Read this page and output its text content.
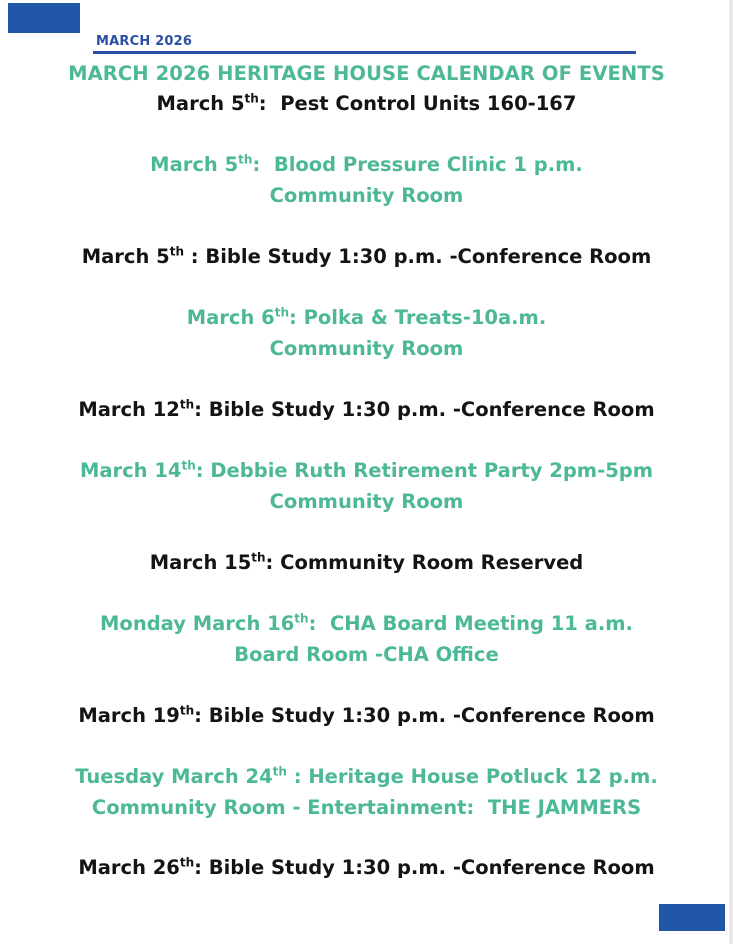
MARCH 2026
MARCH 2026 HERITAGE HOUSE CALENDAR OF EVENTS
March 5th:  Pest Control Units 160-167
March 5th:  Blood Pressure Clinic 1 p.m.
Community Room
March 5th : Bible Study 1:30 p.m. -Conference Room
March 6th: Polka & Treats-10a.m.
Community Room
March 12th: Bible Study 1:30 p.m. -Conference Room
March 14th: Debbie Ruth Retirement Party 2pm-5pm
Community Room
March 15th: Community Room Reserved
Monday March 16th:  CHA Board Meeting 11 a.m.
Board Room -CHA Office
March 19th: Bible Study 1:30 p.m. -Conference Room
Tuesday March 24th : Heritage House Potluck 12 p.m.
Community Room - Entertainment:  THE JAMMERS
March 26th: Bible Study 1:30 p.m. -Conference Room
